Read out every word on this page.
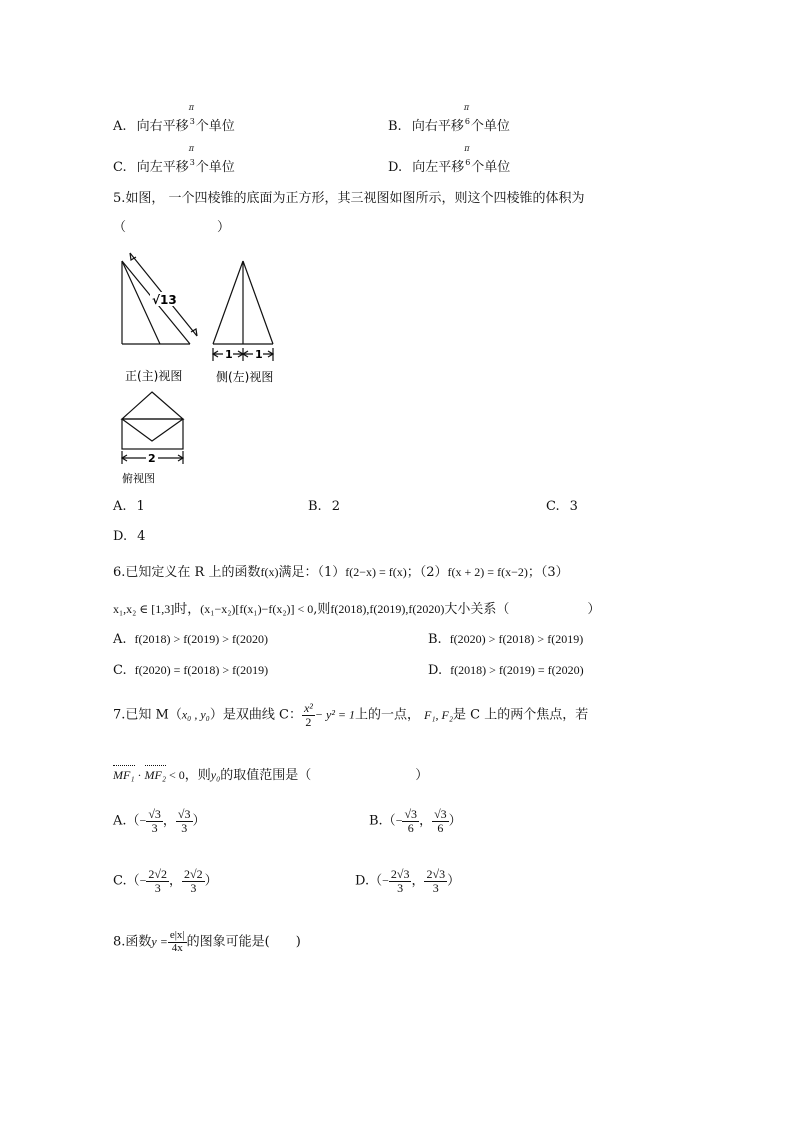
A. 向右平移
π
3 个单位	B. 向右平移
π
6 个单位
C. 向左平移
π
3 个单位	D. 向左平移
π
6 个单位
5.如图， 一个四棱锥的底面为正方形，其三视图如图所示，则这个四棱锥的体积为
（　　　　　　　）
√13
正(主)视图
1 1
侧(左)视图
2
俯视图
A. 1	B. 2	C. 3
D. 4
6.已知定义在 R 上的函数f(x)满足：（1）f(2−x) = f(x)；（2）f(x + 2) = f(x−2)；（3）
x₁,x₂ ∈ [1,3]时，(x₁−x₂)[f(x₁)−f(x₂)] < 0,则f(2018),f(2019),f(2020)大小关系（　　　　　　）
A. f(2018) > f(2019) > f(2020)	B. f(2020) > f(2018) > f(2019)
C. f(2020) = f(2018) > f(2019)	D. f(2018) > f(2019) = f(2020)
7.已知 M（x₀ , y₀）是双曲线 C： $\frac{\text{x²}}{2} - y^2 = 1$上的一点， F₁, F₂是 C 上的两个焦点，若
MF₁ · MF₂ < 0，则y₀的取值范围是（　　　　　　　　）
$A.(- \frac{√3}{3}$ ， $\frac{√3}{3}$ ）	$B.(- \frac{√3}{6}$ ， $\frac{√3}{6}$ ）
$C.(- \frac{2√2}{3}$ ， $\frac{2√2}{3}$ ）	$D.(- \frac{2√3}{3}$ ， $\frac{2√3}{3}$ ）
8.函数$y = \frac{e|x|}{4x}$ 的图象可能是(　　)
